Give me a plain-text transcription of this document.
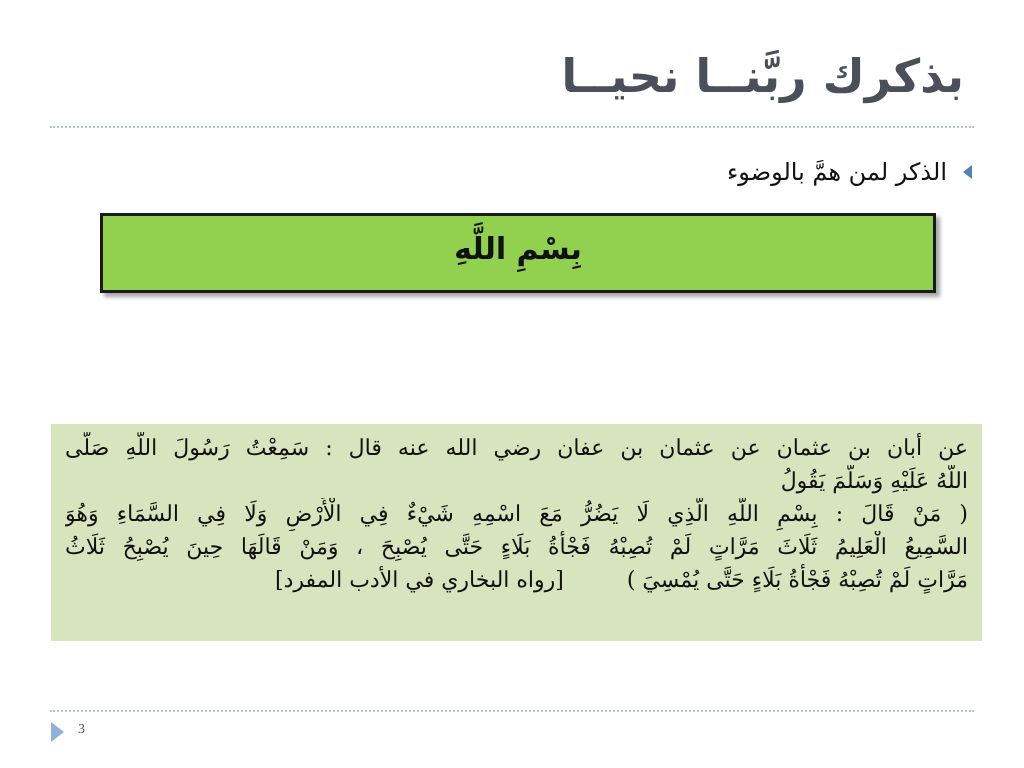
بذكرك ربَّنــا نحيــا
الذكر لمن همَّ بالوضوء
بِسْمِ اللَّهِ
عن أبان بن عثمان عن عثمان بن عفان رضي الله عنه قال : سَمِعْتُ رَسُولَ اللَّهِ صَلَّى
اللَّهُ عَلَيْهِ وَسَلَّمَ يَقُولُ
( مَنْ قَالَ : بِسْمِ اللَّهِ الَّذِي لَا يَضُرُّ مَعَ اسْمِهِ شَيْءٌ فِي الْأَرْضِ وَلَا فِي السَّمَاءِ وَهُوَ
السَّمِيعُ الْعَلِيمُ ثَلَاثَ مَرَّاتٍ لَمْ تُصِبْهُ فَجْأَةُ بَلَاءٍ حَتَّى يُصْبِحَ ، وَمَنْ قَالَهَا حِينَ يُصْبِحُ ثَلَاثُ
مَرَّاتٍ لَمْ تُصِبْهُ فَجْأَةُ بَلَاءٍ حَتَّى يُمْسِيَ )         [رواه البخاري في الأدب المفرد]
3
